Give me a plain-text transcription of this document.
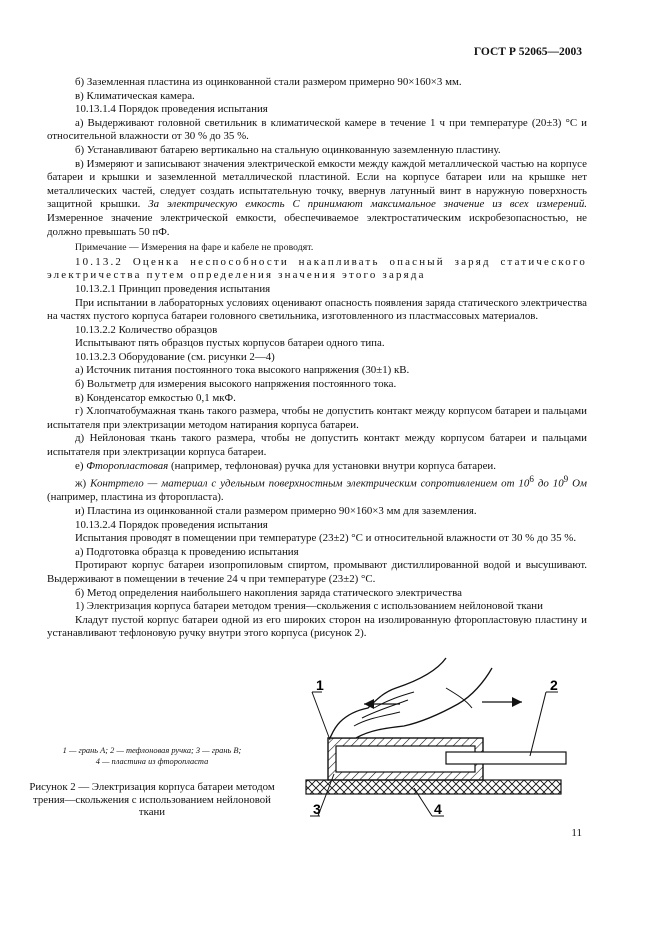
ГОСТ Р 52065—2003

б) Заземленная пластина из оцинкованной стали размером примерно 90×160×3 мм.

в) Климатическая камера.

10.13.1.4 Порядок проведения испытания

а) Выдерживают головной светильник в климатической камере в течение 1 ч при температуре (20±3) °С и относительной влажности от 30 % до 35 %.

б) Устанавливают батарею вертикально на стальную оцинкованную заземленную пластину.

в) Измеряют и записывают значения электрической емкости между каждой металлической частью на корпусе батареи и крышки и заземленной металлической пластиной. Если на корпусе батареи или на крышке нет металлических частей, следует создать испытательную точку, ввернув латунный винт в наружную поверхность защитной крышки. За электрическую емкость С принимают максимальное значение из всех измерений. Измеренное значение электрической емкости, обеспечиваемое электростатическим искробезопасностью, не должно превышать 50 пФ.

Примечание — Измерения на фаре и кабеле не проводят.

10.13.2 Оценка неспособности накапливать опасный заряд статического электричества путем определения значения этого заряда

10.13.2.1 Принцип проведения испытания

При испытании в лабораторных условиях оценивают опасность появления заряда статического электричества на частях пустого корпуса батареи головного светильника, изготовленного из пластмассовых материалов.

10.13.2.2 Количество образцов

Испытывают пять образцов пустых корпусов батареи одного типа.

10.13.2.3 Оборудование (см. рисунки 2—4)

а) Источник питания постоянного тока высокого напряжения (30±1) кВ.

б) Вольтметр для измерения высокого напряжения постоянного тока.

в) Конденсатор емкостью 0,1 мкФ.

г) Хлопчатобумажная ткань такого размера, чтобы не допустить контакт между корпусом батареи и пальцами испытателя при электризации методом натирания корпуса батареи.

д) Нейлоновая ткань такого размера, чтобы не допустить контакт между корпусом батареи и пальцами испытателя при электризации корпуса батареи.

е) Фторопластовая (например, тефлоновая) ручка для установки внутри корпуса батареи.

ж) Контртело — материал с удельным поверхностным электрическим сопротивлением от $10^6$ до $10^9$ Ом (например, пластина из фторопласта).

и) Пластина из оцинкованной стали размером примерно 90×160×3 мм для заземления.

10.13.2.4 Порядок проведения испытания

Испытания проводят в помещении при температуре (23±2) °С и относительной влажности от 30 % до 35 %.

а) Подготовка образца к проведению испытания

Протирают корпус батареи изопропиловым спиртом, промывают дистиллированной водой и высушивают. Выдерживают в помещении в течение 24 ч при температуре (23±2) °С.

б) Метод определения наибольшего накопления заряда статического электричества

1) Электризация корпуса батареи методом трения—скольжения с использованием нейлоновой ткани

Кладут пустой корпус батареи одной из его широких сторон на изолированную фторопластовую пластину и устанавливают тефлоновую ручку внутри этого корпуса (рисунок 2).

1	2
3	4
1 — грань А; 2 — тефлоновая ручка; 3 — грань В;
4 — пластина из фторопласта
Рисунок 2 — Электризация корпуса батареи методом трения—скольжения с использованием нейлоновой ткани
11
